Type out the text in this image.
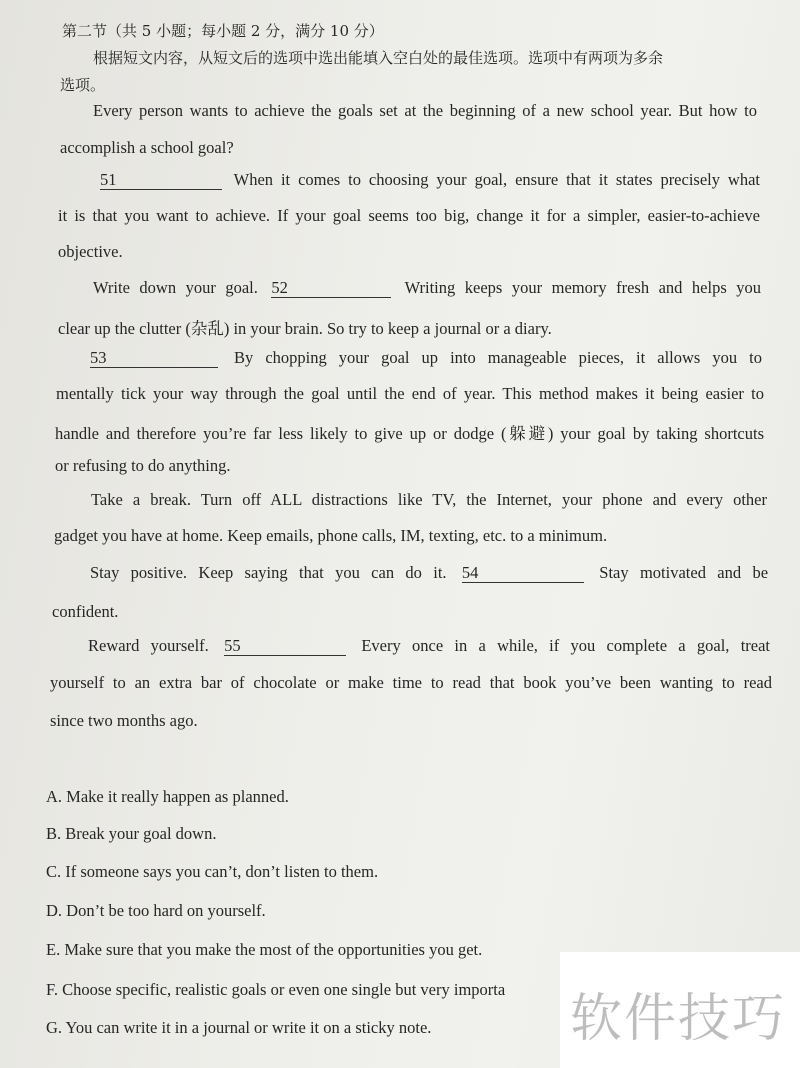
第二节（共 5 小题；每小题 2 分，满分 10 分）
根据短文内容，从短文后的选项中选出能填入空白处的最佳选项。选项中有两项为多余
选项。
Every person wants to achieve the goals set at the beginning of a new school year. But how to
accomplish a school goal?
51	When it comes to choosing your goal, ensure that it states precisely what
it is that you want to achieve. If your goal seems too big, change it for a simpler, easier-to-achieve
objective.
Write down your goal. 52	Writing keeps your memory fresh and helps you
clear up the clutter (杂乱) in your brain. So try to keep a journal or a diary.
53	By chopping your goal up into manageable pieces, it allows you to
mentally tick your way through the goal until the end of year. This method makes it being easier to
handle and therefore you’re far less likely to give up or dodge (躲避) your goal by taking shortcuts
or refusing to do anything.
Take a break. Turn off ALL distractions like TV, the Internet, your phone and every other
gadget you have at home. Keep emails, phone calls, IM, texting, etc. to a minimum.
Stay positive. Keep saying that you can do it. 54	Stay motivated and be
confident.
Reward yourself. 55	Every once in a while, if you complete a goal, treat
yourself to an extra bar of chocolate or make time to read that book you’ve been wanting to read
since two months ago.
A. Make it really happen as planned.
B. Break your goal down.
C. If someone says you can’t, don’t listen to them.
D. Don’t be too hard on yourself.
E. Make sure that you make the most of the opportunities you get.
F. Choose specific, realistic goals or even one single but very importa
G. You can write it in a journal or write it on a sticky note.	软件技巧
